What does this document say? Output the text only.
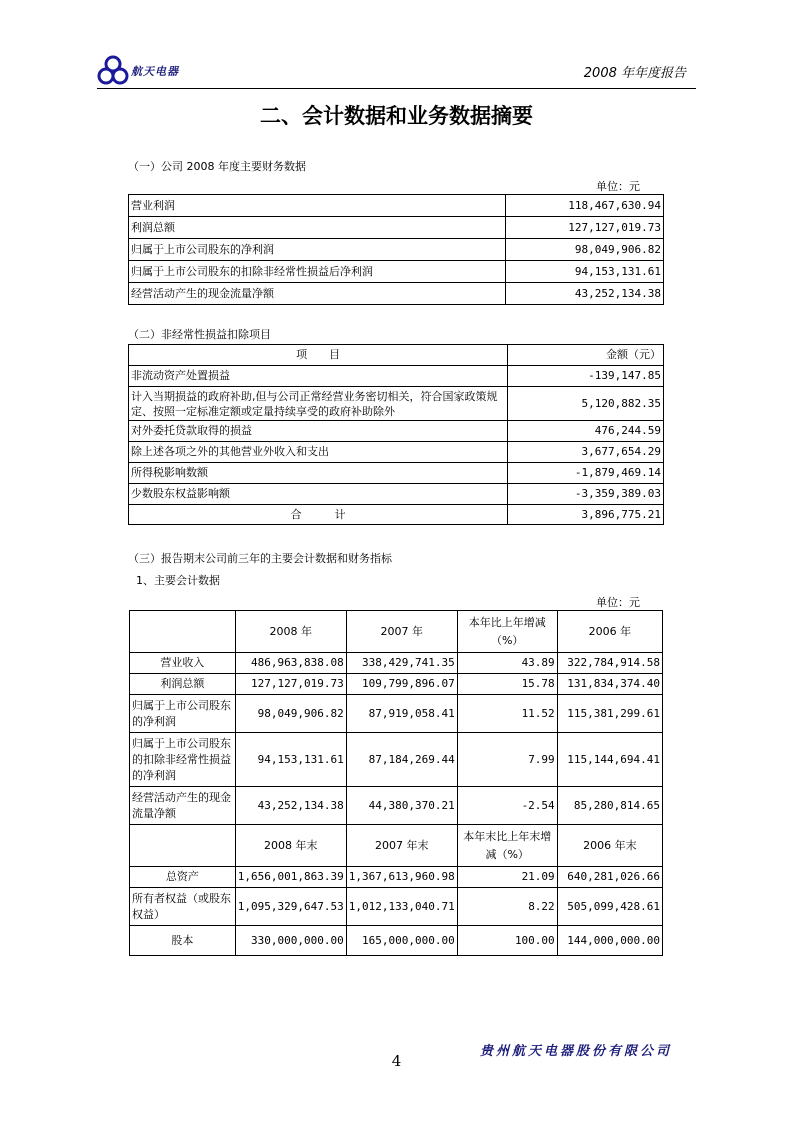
航天电器	2008 年年度报告
二、会计数据和业务数据摘要
（一）公司 2008 年度主要财务数据
单位：元
营业利润	118,467,630.94
利润总额	127,127,019.73
归属于上市公司股东的净利润	98,049,906.82
归属于上市公司股东的扣除非经常性损益后净利润	94,153,131.61
经营活动产生的现金流量净额	43,252,134.38
（二）非经常性损益扣除项目
项　　目	金额（元）
非流动资产处置损益	-139,147.85
计入当期损益的政府补助,但与公司正常经营业务密切相关，符合国家政策规定、按照一定标准定额或定量持续享受的政府补助除外	5,120,882.35
对外委托贷款取得的损益	476,244.59
除上述各项之外的其他营业外收入和支出	3,677,654.29
所得税影响数额	-1,879,469.14
少数股东权益影响额	-3,359,389.03
合　　　计	3,896,775.21
（三）报告期末公司前三年的主要会计数据和财务指标
1、主要会计数据
单位：元
	2008 年	2007 年	本年比上年增减（%）	2006 年
营业收入	486,963,838.08	338,429,741.35	43.89	322,784,914.58
利润总额	127,127,019.73	109,799,896.07	15.78	131,834,374.40
归属于上市公司股东的净利润	98,049,906.82	87,919,058.41	11.52	115,381,299.61
归属于上市公司股东的扣除非经常性损益的净利润	94,153,131.61	87,184,269.44	7.99	115,144,694.41
经营活动产生的现金流量净额	43,252,134.38	44,380,370.21	-2.54	85,280,814.65
	2008 年末	2007 年末	本年末比上年末增减（%）	2006 年末
总资产	1,656,001,863.39	1,367,613,960.98	21.09	640,281,026.66
所有者权益（或股东权益）	1,095,329,647.53	1,012,133,040.71	8.22	505,099,428.61
股本	330,000,000.00	165,000,000.00	100.00	144,000,000.00
4
贵州航天电器股份有限公司
